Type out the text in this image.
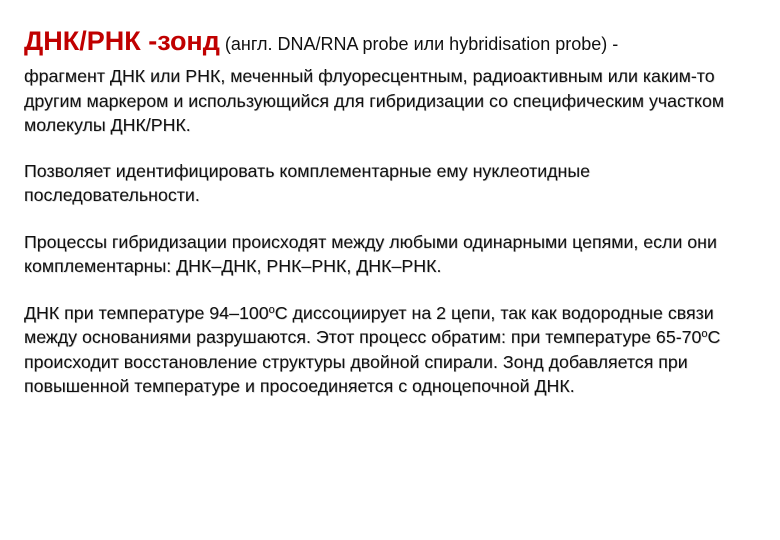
ДНК/РНК -зонд (англ. DNA/RNA probe или hybridisation probe) -

фрагмент ДНК или РНК, меченный флуоресцентным, радиоактивным или каким-то другим маркером и использующийся для гибридизации со специфическим участком молекулы ДНК/РНК.

Позволяет идентифицировать комплементарные ему нуклеотидные последовательности.

Процессы гибридизации происходят между любыми одинарными цепями, если они комплементарны: ДНК–ДНК, РНК–РНК, ДНК–РНК.

ДНК при температуре $94-100^оС$ диссоциирует на 2 цепи, так как водородные связи между основаниями разрушаются. Этот процесс обратим: при температуре $65-70^оС$ происходит восстановление структуры двойной спирали. Зонд добавляется при повышенной температуре и просоединяется с одноцепочной ДНК.
